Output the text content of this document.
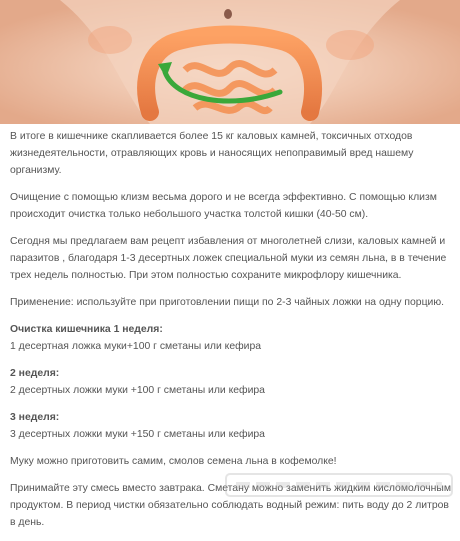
В итоге в кишечнике скапливается более 15 кг каловых камней, токсичных отходов жизнедеятельности, отравляющих кровь и наносящих непоправимый вред нашему организму.

Очищение с помощью клизм весьма дорого и не всегда эффективно. С помощью клизм происходит очистка только небольшого участка толстой кишки (40-50 см).

Сегодня мы предлагаем вам рецепт избавления от многолетней слизи, каловых камней и паразитов , благодаря 1-3 десертных ложек специальной муки из семян льна, в в течение трех недель полностью. При этом полностью сохраните микрофлору кишечника.

Применение: используйте при приготовлении пищи по 2-3 чайных ложки на одну порцию.

Очистка кишечника 1 неделя:
1 десертная ложка муки+100 г сметаны или кефира
2 неделя:
2 десертных ложки муки +100 г сметаны или кефира
3 неделя:
3 десертных ложки муки +150 г сметаны или кефира

Муку можно приготовить самим, смолов семена льна в кофемолке!

Принимайте эту смесь вместо завтрака. Сметану можно заменить жидким кисломолочным продуктом. В период чистки обязательно соблюдать водный режим: пить воду до 2 литров в день.
